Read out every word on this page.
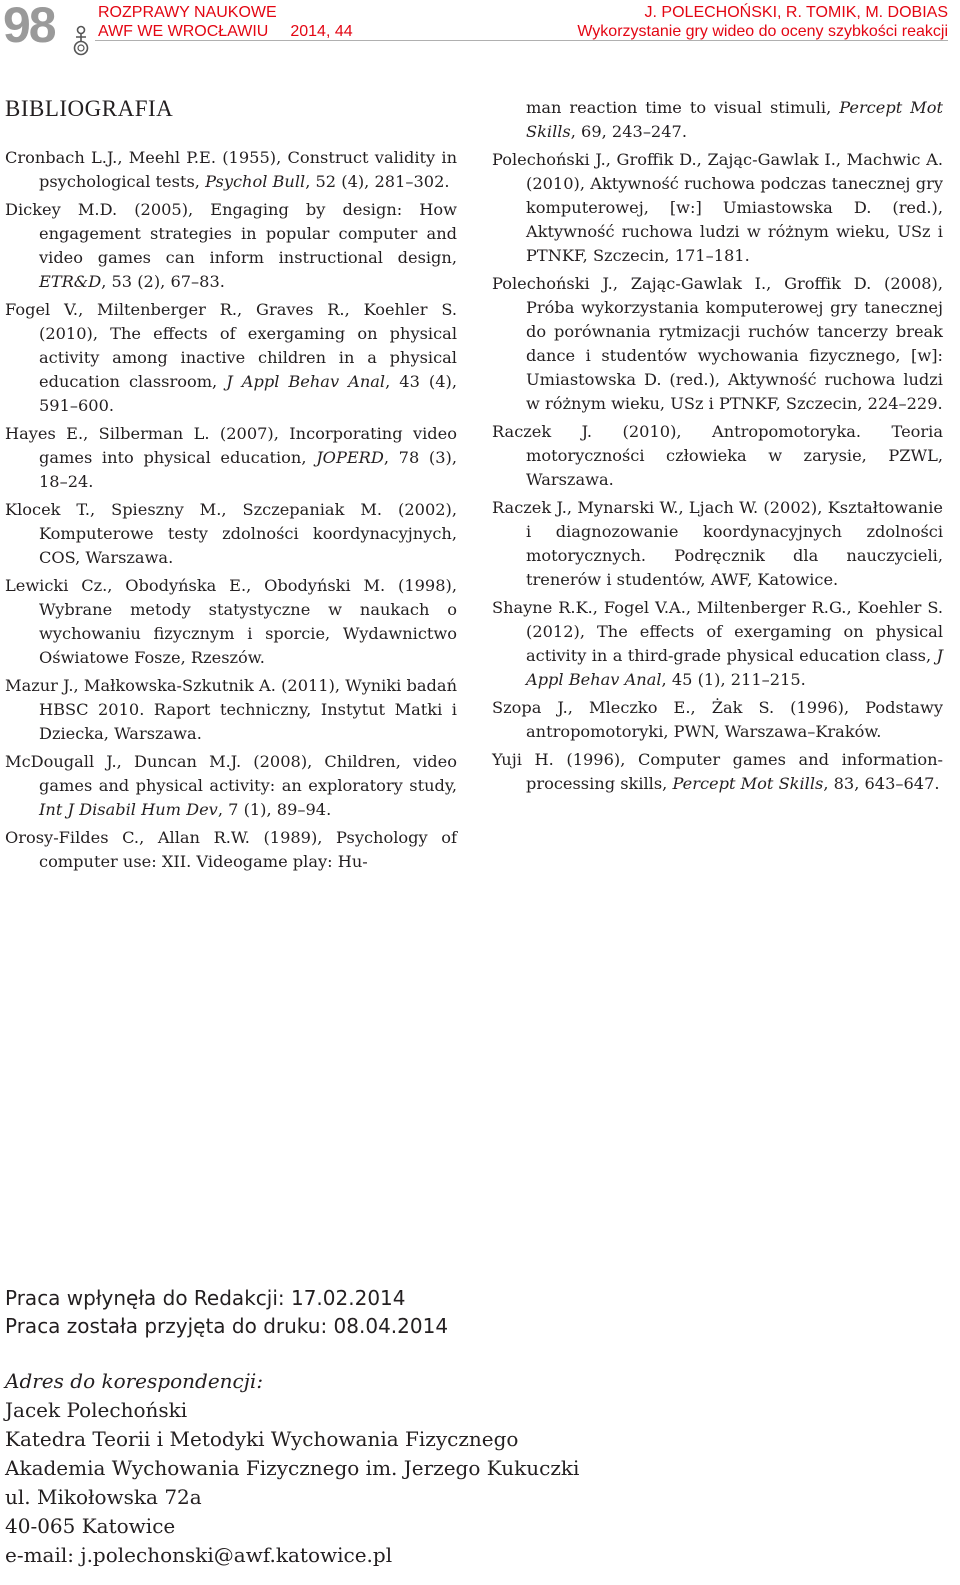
98	ROZPRAWY NAUKOWE
AWF WE WROCŁAWIU 2014, 44
J. POLECHOŃSKI, R. TOMIK, M. DOBIAS
Wykorzystanie gry wideo do oceny szybkości reakcji
BIBLIOGRAFIA

Cronbach L.J., Meehl P.E. (1955), Construct validity in psychological tests, Psychol Bull, 52 (4), 281–302.

Dickey M.D. (2005), Engaging by design: How engagement strategies in popular computer and video games can inform instructional design, ETR&D, 53 (2), 67–83.

Fogel V., Miltenberger R., Graves R., Koehler S. (2010), The effects of exergaming on physical activity among inactive children in a physical education classroom, J Appl Behav Anal, 43 (4), 591–600.

Hayes E., Silberman L. (2007), Incorporating video games into physical education, JOPERD, 78 (3), 18–24.

Klocek T., Spieszny M., Szczepaniak M. (2002), Komputerowe testy zdolności koordynacyjnych, COS, Warszawa.

Lewicki Cz., Obodyńska E., Obodyński M. (1998), Wybrane metody statystyczne w naukach o wychowaniu fizycznym i sporcie, Wydawnictwo Oświatowe Fosze, Rzeszów.

Mazur J., Małkowska-Szkutnik A. (2011), Wyniki badań HBSC 2010. Raport techniczny, Instytut Matki i Dziecka, Warszawa.

McDougall J., Duncan M.J. (2008), Children, video games and physical activity: an exploratory study, Int J Disabil Hum Dev, 7 (1), 89–94.

Orosy-Fildes C., Allan R.W. (1989), Psychology of computer use: XII. Videogame play: Hu-

man reaction time to visual stimuli, Percept Mot Skills, 69, 243–247.

Polechoński J., Groffik D., Zając-Gawlak I., Machwic A. (2010), Aktywność ruchowa podczas tanecznej gry komputerowej, [w:] Umiastowska D. (red.), Aktywność ruchowa ludzi w różnym wieku, USz i PTNKF, Szczecin, 171–181.

Polechoński J., Zając-Gawlak I., Groffik D. (2008), Próba wykorzystania komputerowej gry tanecznej do porównania rytmizacji ruchów tancerzy break dance i studentów wychowania fizycznego, [w]: Umiastowska D. (red.), Aktywność ruchowa ludzi w różnym wieku, USz i PTNKF, Szczecin, 224–229.

Raczek J. (2010), Antropomotoryka. Teoria motoryczności człowieka w zarysie, PZWL, Warszawa.

Raczek J., Mynarski W., Ljach W. (2002), Kształtowanie i diagnozowanie koordynacyjnych zdolności motorycznych. Podręcznik dla nauczycieli, trenerów i studentów, AWF, Katowice.

Shayne R.K., Fogel V.A., Miltenberger R.G., Koehler S. (2012), The effects of exergaming on physical activity in a third-grade physical education class, J Appl Behav Anal, 45 (1), 211–215.

Szopa J., Mleczko E., Żak S. (1996), Podstawy antropomotoryki, PWN, Warszawa–Kraków.

Yuji H. (1996), Computer games and information-processing skills, Percept Mot Skills, 83, 643–647.

Praca wpłynęła do Redakcji: 17.02.2014
Praca została przyjęta do druku: 08.04.2014
Adres do korespondencji:
Jacek Polechoński
Katedra Teorii i Metodyki Wychowania Fizycznego
Akademia Wychowania Fizycznego im. Jerzego Kukuczki
ul. Mikołowska 72a
40-065 Katowice
e-mail: j.polechonski@awf.katowice.pl
